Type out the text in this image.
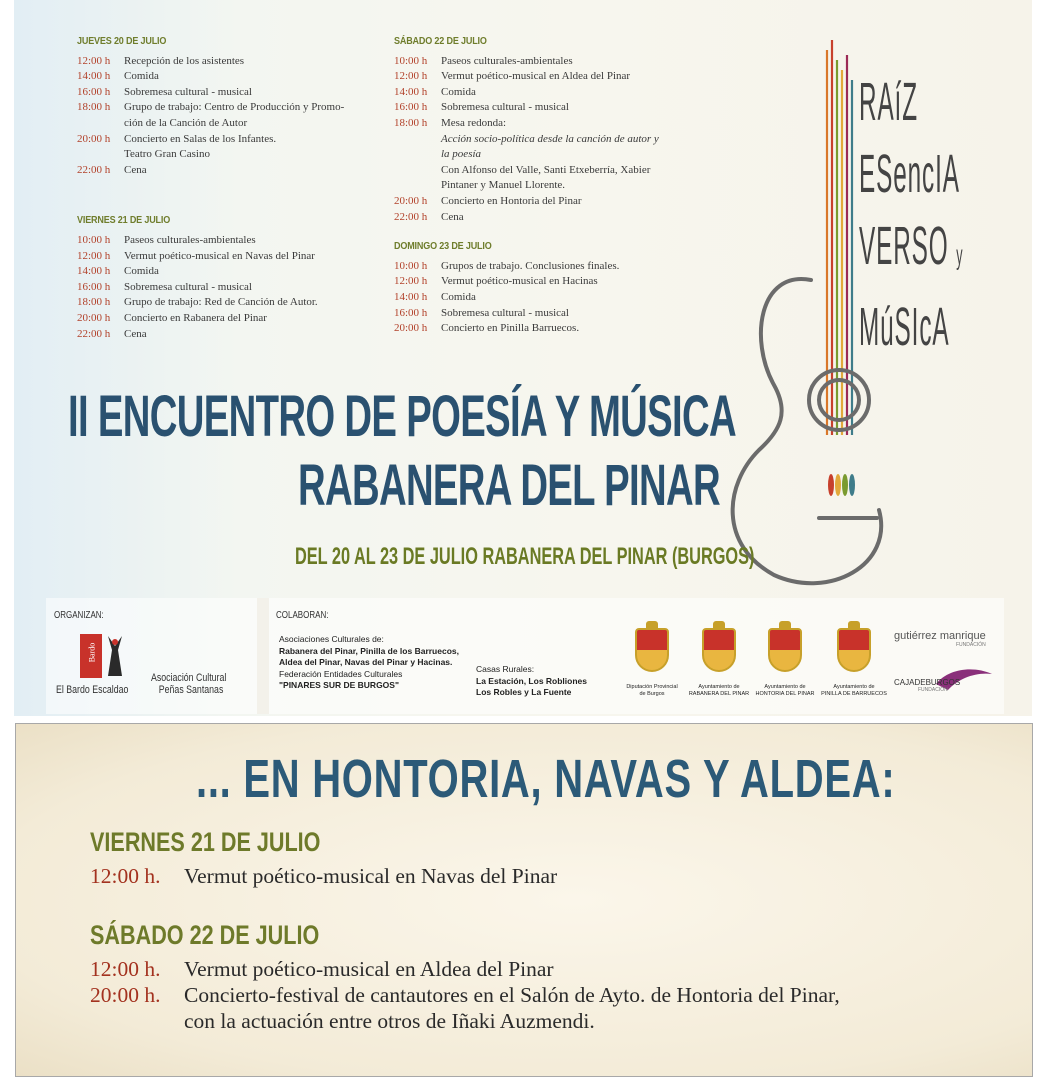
JUEVES 20 DE JULIO
12:00 h	Recepción de los asistentes
14:00 h	Comida
16:00 h	Sobremesa cultural - musical
18:00 h	Grupo de trabajo: Centro de Producción y Promo-
ción de la Canción de Autor
20:00 h	Concierto en Salas de los Infantes.
Teatro Gran Casino
22:00 h	Cena
VIERNES 21 DE JULIO
10:00 h	Paseos culturales-ambientales
12:00 h	Vermut poético-musical en Navas del Pinar
14:00 h	Comida
16:00 h	Sobremesa cultural - musical
18:00 h	Grupo de trabajo: Red de Canción de Autor.
20:00 h	Concierto en Rabanera del Pinar
22:00 h	Cena
SÁBADO 22 DE JULIO
10:00 h	Paseos culturales-ambientales
12:00 h	Vermut poético-musical en Aldea del Pinar
14:00 h	Comida
16:00 h	Sobremesa cultural - musical
18:00 h	Mesa redonda:
Acción socio-política desde la canción de autor y
la poesía
Con Alfonso del Valle, Santi Etxeberría, Xabier
Pintaner y Manuel Llorente.
20:00 h	Concierto en Hontoria del Pinar
22:00 h	Cena
DOMINGO 23 DE JULIO
10:00 h	Grupos de trabajo. Conclusiones finales.
12:00 h	Vermut poético-musical en Hacinas
14:00 h	Comida
16:00 h	Sobremesa cultural - musical
20:00 h	Concierto en Pinilla Barruecos.
RAíZ
ESencIA
VERSO y
MúSIcA
II ENCUENTRO DE POESÍA Y MÚSICA
RABANERA DEL PINAR
DEL 20 AL 23 DE JULIO RABANERA DEL PINAR (BURGOS)
ORGANIZAN:
Bardo
El Bardo Escaldao
Asociación Cultural
Peñas Santanas
COLABORAN:
Asociaciones Culturales de:
Rabanera del Pinar, Pinilla de los Barruecos,
Aldea del Pinar, Navas del Pinar y Hacinas.
Federación Entidades Culturales
"PINARES SUR DE BURGOS"
Casas Rurales:
La Estación, Los Robliones
Los Robles y La Fuente	Diputación Provincial
de Burgos
Ayuntamiento de
RABANERA DEL PINAR
Ayuntamiento de
HONTORIA DEL PINAR
Ayuntamiento de
PINILLA DE BARRUECOS
gutiérrez manrique
FUNDACIÓN
CAJADEBURGOS
FUNDACIÓN
... EN HONTORIA, NAVAS Y ALDEA:
VIERNES 21 DE JULIO
12:00 h.	Vermut poético-musical en Navas del Pinar
SÁBADO 22 DE JULIO
12:00 h.	Vermut poético-musical en Aldea del Pinar
20:00 h.	Concierto-festival de cantautores en el Salón de Ayto. de Hontoria del Pinar,
con la actuación entre otros de Iñaki Auzmendi.
